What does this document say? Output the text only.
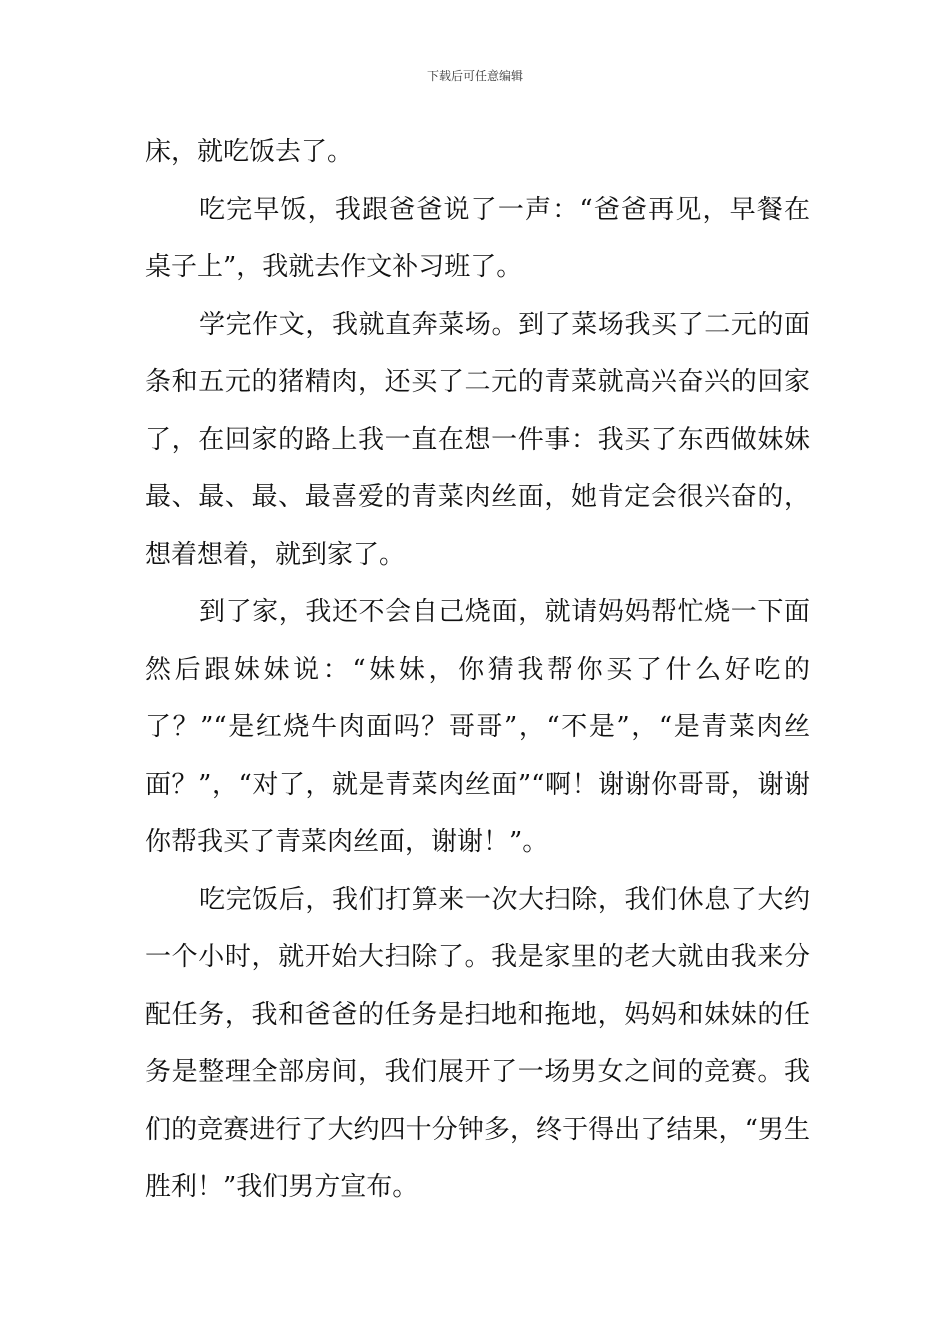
下载后可任意编辑

床，就吃饭去了。

吃完早饭，我跟爸爸说了一声：“爸爸再见，早餐在桌子上”，我就去作文补习班了。

学完作文，我就直奔菜场。到了菜场我买了二元的面条和五元的猪精肉，还买了二元的青菜就高兴奋兴的回家了，在回家的路上我一直在想一件事：我买了东西做妹妹最、最、最、最喜爱的青菜肉丝面，她肯定会很兴奋的，想着想着，就到家了。

到了家，我还不会自己烧面，就请妈妈帮忙烧一下面然后跟妹妹说：“妹妹，你猜我帮你买了什么好吃的了？”“是红烧牛肉面吗？哥哥”，“不是”，“是青菜肉丝面？”，“对了，就是青菜肉丝面”“啊！谢谢你哥哥，谢谢你帮我买了青菜肉丝面，谢谢！”。

吃完饭后，我们打算来一次大扫除，我们休息了大约一个小时，就开始大扫除了。我是家里的老大就由我来分配任务，我和爸爸的任务是扫地和拖地，妈妈和妹妹的任务是整理全部房间，我们展开了一场男女之间的竞赛。我们的竞赛进行了大约四十分钟多，终于得出了结果，“男生胜利！”我们男方宣布。
